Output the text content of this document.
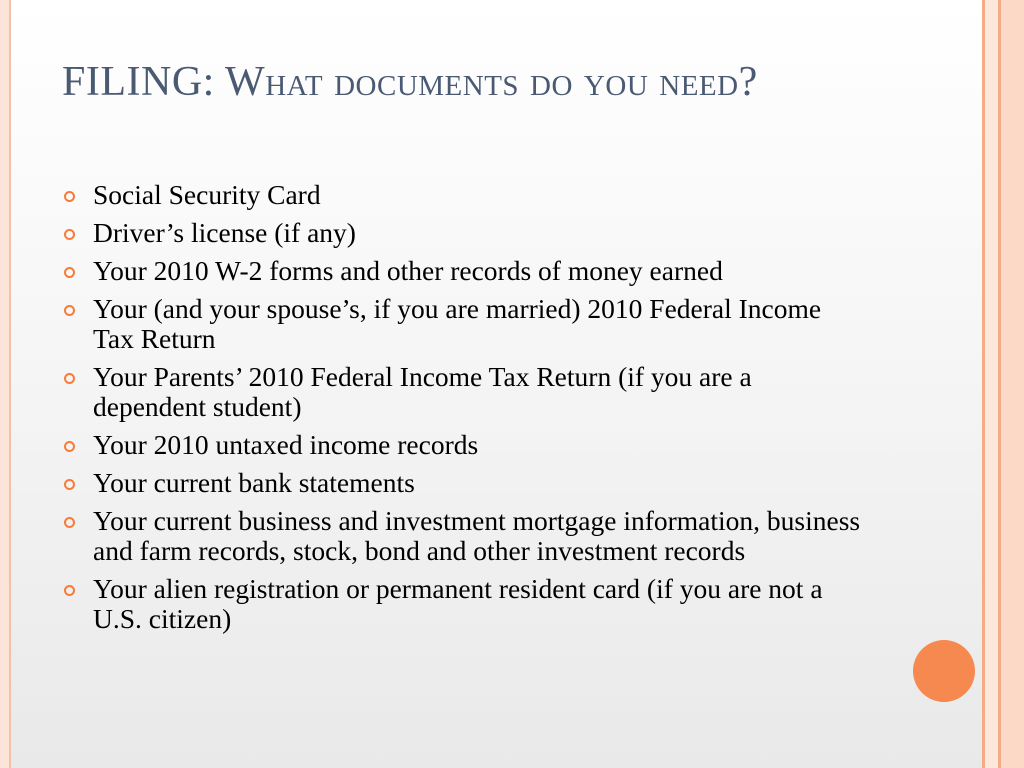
FILING: What documents do you need?
Social Security Card
Driver’s license (if any)
Your 2010 W-2 forms and other records of money earned
Your (and your spouse’s, if you are married) 2010 Federal Income Tax Return
Your Parents’ 2010 Federal Income Tax Return (if you are a dependent student)
Your 2010 untaxed income records
Your current bank statements
Your current business and investment mortgage information, business and farm records, stock, bond and other investment records
Your alien registration or permanent resident card (if you are not a U.S. citizen)
